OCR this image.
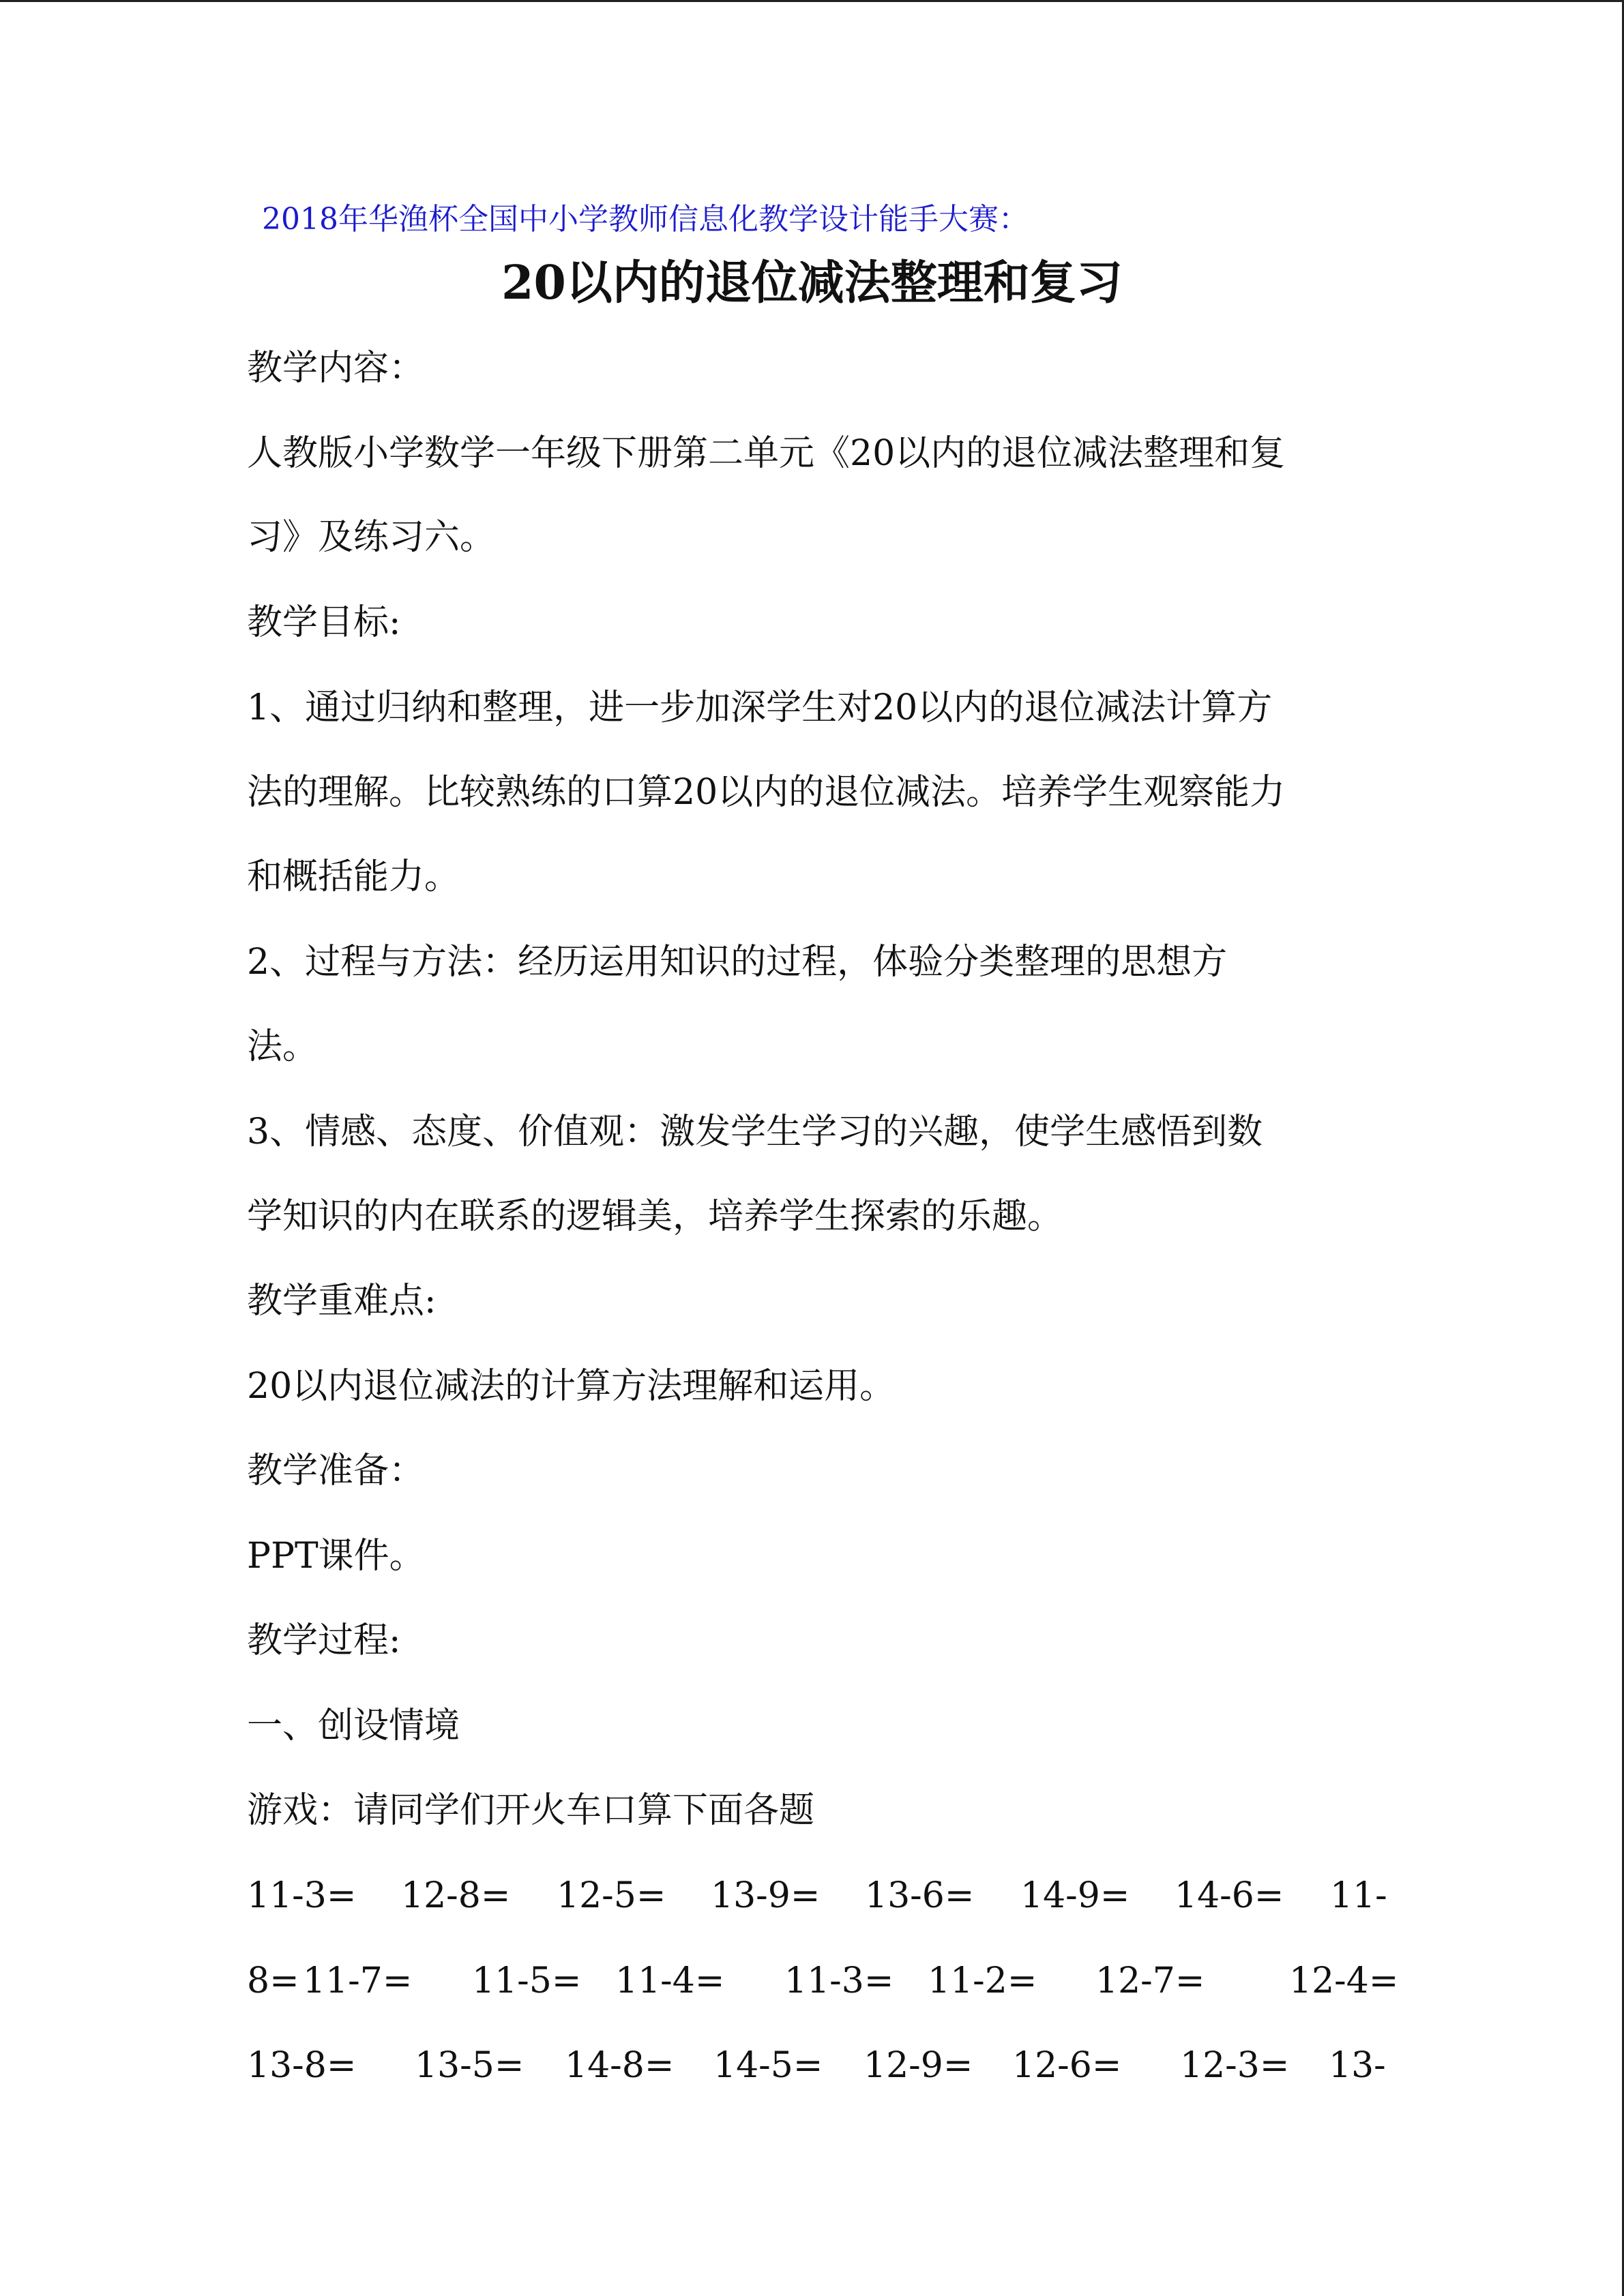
2018年华渔杯全国中小学教师信息化教学设计能手大赛：
20以内的退位减法整理和复习
教学内容：
人教版小学数学一年级下册第二单元《20以内的退位减法整理和复
习》及练习六。
教学目标:
1、通过归纳和整理，进一步加深学生对20以内的退位减法计算方
法的理解。比较熟练的口算20以内的退位减法。培养学生观察能力
和概括能力。
2、过程与方法：经历运用知识的过程，体验分类整理的思想方
法。
3、情感、态度、价值观：激发学生学习的兴趣，使学生感悟到数
学知识的内在联系的逻辑美，培养学生探索的乐趣。
教学重难点:
20以内退位减法的计算方法理解和运用。
教学准备：
PPT课件。
教学过程:
一、创设情境
游戏：请同学们开火车口算下面各题
11-3= 12-8= 12-5= 13-9= 13-6= 14-9= 14-6= 11-
8= 11-7= 11-5= 11-4= 11-3= 11-2= 12-7= 12-4=
13-8= 13-5= 14-8= 14-5= 12-9= 12-6= 12-3= 13-
